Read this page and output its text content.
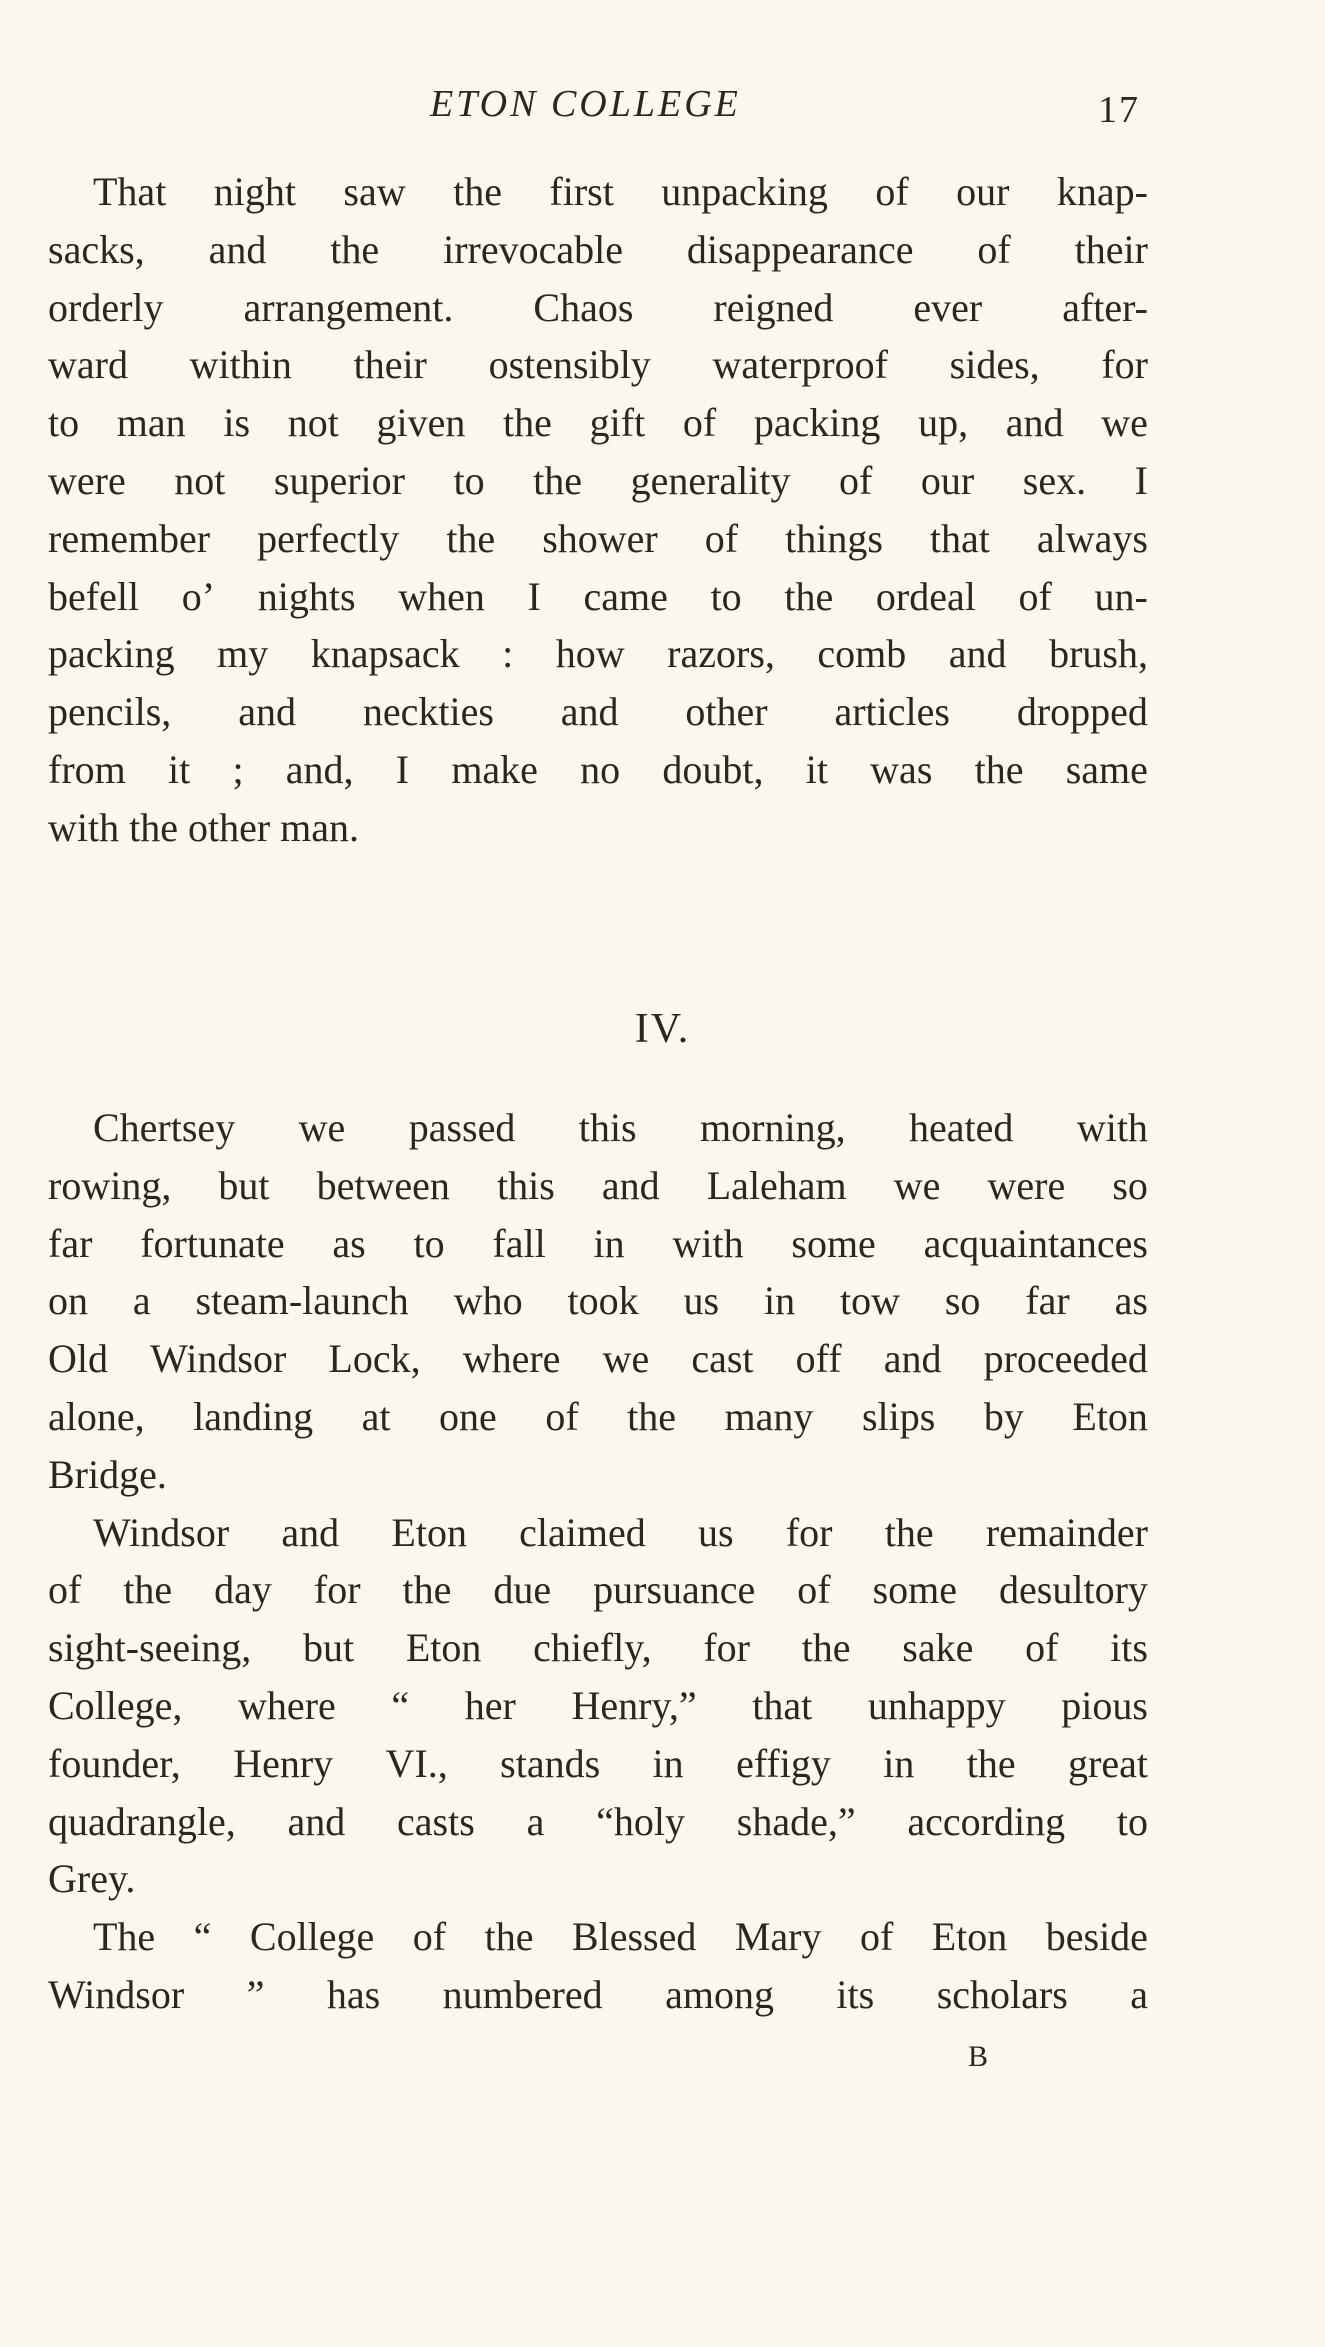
ETON COLLEGE	17
That night saw the first unpacking of our knap-
sacks, and the irrevocable disappearance of their
orderly arrangement. Chaos reigned ever after-
ward within their ostensibly waterproof sides, for
to man is not given the gift of packing up, and we
were not superior to the generality of our sex. I
remember perfectly the shower of things that always
befell o’ nights when I came to the ordeal of un-
packing my knapsack : how razors, comb and brush,
pencils, and neckties and other articles dropped
from it ; and, I make no doubt, it was the same
with the other man.
IV.
Chertsey we passed this morning, heated with
rowing, but between this and Laleham we were so
far fortunate as to fall in with some acquaintances
on a steam-launch who took us in tow so far as
Old Windsor Lock, where we cast off and proceeded
alone, landing at one of the many slips by Eton
Bridge.
Windsor and Eton claimed us for the remainder
of the day for the due pursuance of some desultory
sight-seeing, but Eton chiefly, for the sake of its
College, where “ her Henry,” that unhappy pious
founder, Henry VI., stands in effigy in the great
quadrangle, and casts a “holy shade,” according to
Grey.
The “ College of the Blessed Mary of Eton beside
Windsor ” has numbered among its scholars a
B
